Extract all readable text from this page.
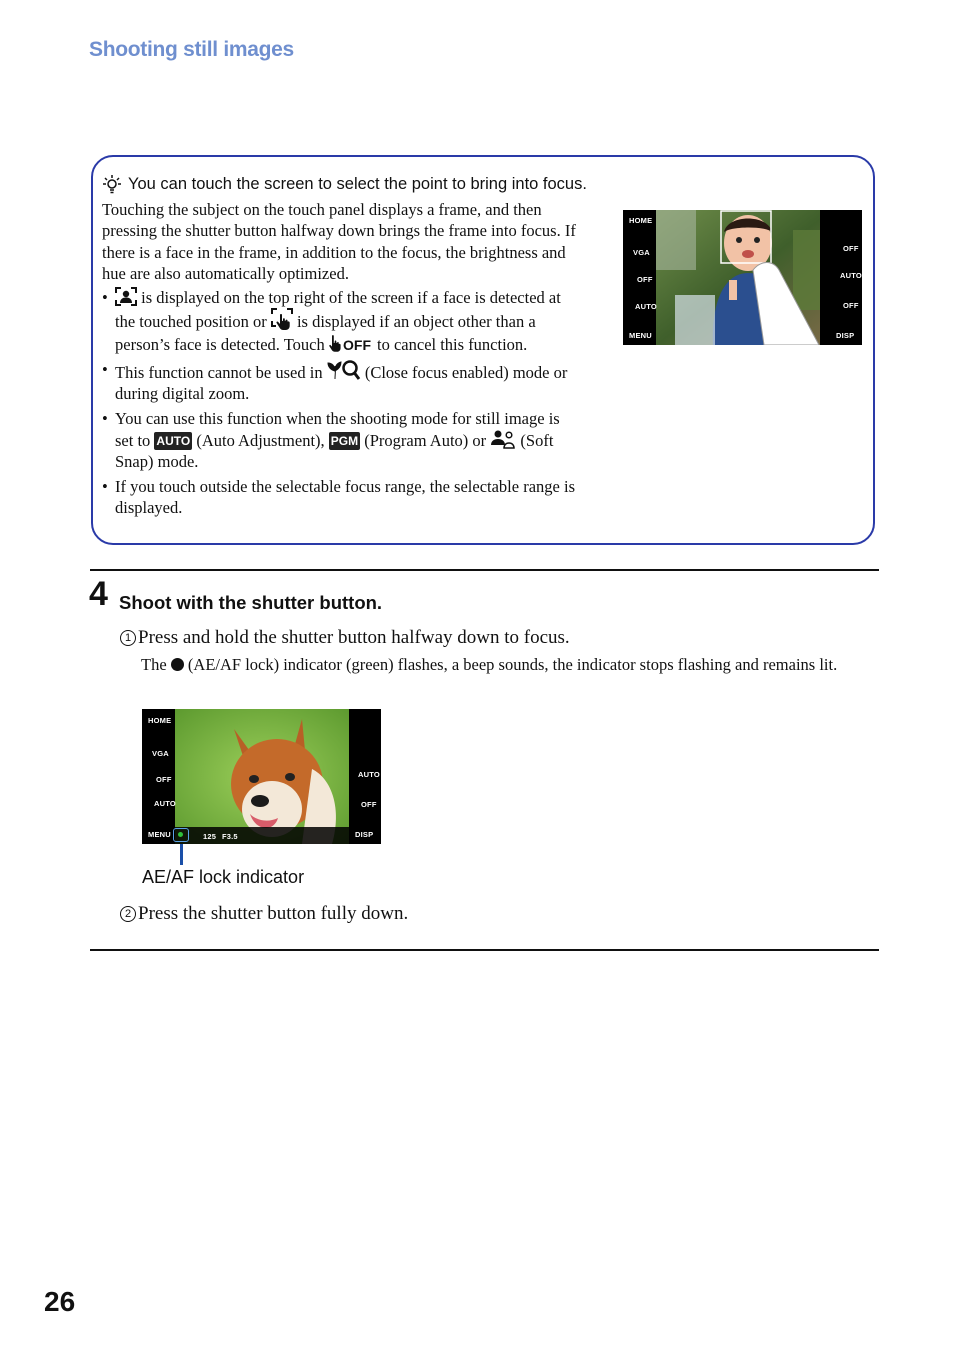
Shooting still images
You can touch the screen to select the point to bring into focus.

Touching the subject on the touch panel displays a frame, and then pressing the shutter button halfway down brings the frame into focus. If there is a face in the frame, in addition to the focus, the brightness and hue are also automatically optimized.

• is displayed on the top right of the screen if a face is detected at the touched position or is displayed if an object other than a person’s face is detected. Touch OFF to cancel this function.
• This function cannot be used in	(Close focus enabled) mode or during digital zoom.
• You can use this function when the shooting mode for still image is set to AUTO (Auto Adjustment), PGM (Program Auto) or (Soft Snap) mode.
• If you touch outside the selectable focus range, the selectable range is displayed.
HOME
VGA
OFF
AUTO
MENU
OFF
AUTO
OFF
DISP
4 Shoot with the shutter button.
1 Press and hold the shutter button halfway down to focus.
The (AE/AF lock) indicator (green) flashes, a beep sounds, the indicator stops flashing and remains lit.
HOME
VGA
OFF
AUTO
MENU
AUTO
OFF
DISP
125 F3.5
AE/AF lock indicator
2 Press the shutter button fully down.
26
